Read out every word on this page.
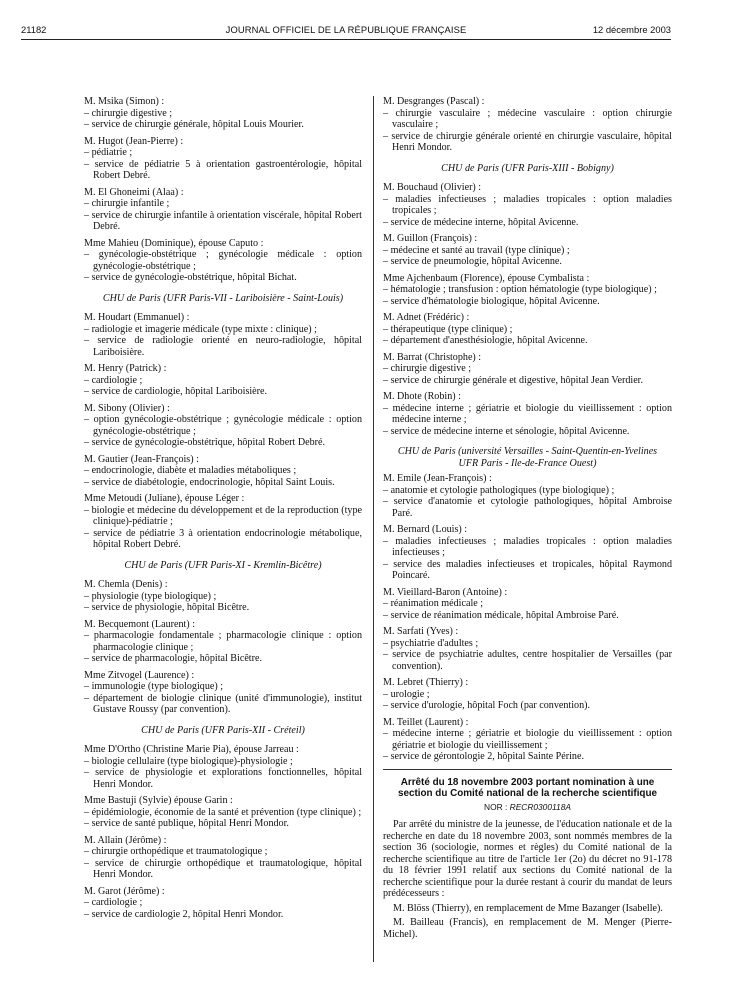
21182	JOURNAL OFFICIEL DE LA RÉPUBLIQUE FRANÇAISE	12 décembre 2003
M. Msika (Simon) :
– chirurgie digestive ;
– service de chirurgie générale, hôpital Louis Mourier.
M. Hugot (Jean-Pierre) :
– pédiatrie ;
– service de pédiatrie 5 à orientation gastroentérologie, hôpital Robert Debré.
M. El Ghoneimi (Alaa) :
– chirurgie infantile ;
– service de chirurgie infantile à orientation viscérale, hôpital Robert Debré.
Mme Mahieu (Dominique), épouse Caputo :
– gynécologie-obstétrique ; gynécologie médicale : option gynécologie-obstétrique ;
– service de gynécologie-obstétrique, hôpital Bichat.
CHU de Paris (UFR Paris-VII - Lariboisière - Saint-Louis)
M. Houdart (Emmanuel) :
– radiologie et imagerie médicale (type mixte : clinique) ;
– service de radiologie orienté en neuro-radiologie, hôpital Lariboisière.
M. Henry (Patrick) :
– cardiologie ;
– service de cardiologie, hôpital Lariboisière.
M. Sibony (Olivier) :
– option gynécologie-obstétrique ; gynécologie médicale : option gynécologie-obstétrique ;
– service de gynécologie-obstétrique, hôpital Robert Debré.
M. Gautier (Jean-François) :
– endocrinologie, diabète et maladies métaboliques ;
– service de diabétologie, endocrinologie, hôpital Saint Louis.
Mme Metoudi (Juliane), épouse Léger :
– biologie et médecine du développement et de la reproduction (type clinique)-pédiatrie ;
– service de pédiatrie 3 à orientation endocrinologie métabolique, hôpital Robert Debré.
CHU de Paris (UFR Paris-XI - Kremlin-Bicêtre)
M. Chemla (Denis) :
– physiologie (type biologique) ;
– service de physiologie, hôpital Bicêtre.
M. Becquemont (Laurent) :
– pharmacologie fondamentale ; pharmacologie clinique : option pharmacologie clinique ;
– service de pharmacologie, hôpital Bicêtre.
Mme Zitvogel (Laurence) :
– immunologie (type biologique) ;
– département de biologie clinique (unité d'immunologie), institut Gustave Roussy (par convention).
CHU de Paris (UFR Paris-XII - Créteil)
Mme D'Ortho (Christine Marie Pia), épouse Jarreau :
– biologie cellulaire (type biologique)-physiologie ;
– service de physiologie et explorations fonctionnelles, hôpital Henri Mondor.
Mme Bastuji (Sylvie) épouse Garin :
– épidémiologie, économie de la santé et prévention (type clinique) ;
– service de santé publique, hôpital Henri Mondor.
M. Allain (Jérôme) :
– chirurgie orthopédique et traumatologique ;
– service de chirurgie orthopédique et traumatologique, hôpital Henri Mondor.
M. Garot (Jérôme) :
– cardiologie ;
– service de cardiologie 2, hôpital Henri Mondor.
M. Desgranges (Pascal) :
– chirurgie vasculaire ; médecine vasculaire : option chirurgie vasculaire ;
– service de chirurgie générale orienté en chirurgie vasculaire, hôpital Henri Mondor.
CHU de Paris (UFR Paris-XIII - Bobigny)
M. Bouchaud (Olivier) :
– maladies infectieuses ; maladies tropicales : option maladies tropicales ;
– service de médecine interne, hôpital Avicenne.
M. Guillon (François) :
– médecine et santé au travail (type clinique) ;
– service de pneumologie, hôpital Avicenne.
Mme Ajchenbaum (Florence), épouse Cymbalista :
– hématologie ; transfusion : option hématologie (type biologique) ;
– service d'hématologie biologique, hôpital Avicenne.
M. Adnet (Frédéric) :
– thérapeutique (type clinique) ;
– département d'anesthésiologie, hôpital Avicenne.
M. Barrat (Christophe) :
– chirurgie digestive ;
– service de chirurgie générale et digestive, hôpital Jean Verdier.
M. Dhote (Robin) :
– médecine interne ; gériatrie et biologie du vieillissement : option médecine interne ;
– service de médecine interne et sénologie, hôpital Avicenne.
CHU de Paris (université Versailles - Saint-Quentin-en-Yvelines
UFR Paris - Ile-de-France Ouest)
M. Emile (Jean-François) :
– anatomie et cytologie pathologiques (type biologique) ;
– service d'anatomie et cytologie pathologiques, hôpital Ambroise Paré.
M. Bernard (Louis) :
– maladies infectieuses ; maladies tropicales : option maladies infectieuses ;
– service des maladies infectieuses et tropicales, hôpital Raymond Poincaré.
M. Vieillard-Baron (Antoine) :
– réanimation médicale ;
– service de réanimation médicale, hôpital Ambroise Paré.
M. Sarfati (Yves) :
– psychiatrie d'adultes ;
– service de psychiatrie adultes, centre hospitalier de Versailles (par convention).
M. Lebret (Thierry) :
– urologie ;
– service d'urologie, hôpital Foch (par convention).
M. Teillet (Laurent) :
– médecine interne ; gériatrie et biologie du vieillissement : option gériatrie et biologie du vieillissement ;
– service de gérontologie 2, hôpital Sainte Périne.
Arrêté du 18 novembre 2003 portant nomination à une section du Comité national de la recherche scientifique
NOR : RECR0300118A
Par arrêté du ministre de la jeunesse, de l'éducation nationale et de la recherche en date du 18 novembre 2003, sont nommés membres de la section 36 (sociologie, normes et règles) du Comité national de la recherche scientifique au titre de l'article 1er (2o) du décret no 91-178 du 18 février 1991 relatif aux sections du Comité national de la recherche scientifique pour la durée restant à courir du mandat de leurs prédécesseurs :
M. Blöss (Thierry), en remplacement de Mme Bazanger (Isabelle).
M. Bailleau (Francis), en remplacement de M. Menger (Pierre-Michel).
